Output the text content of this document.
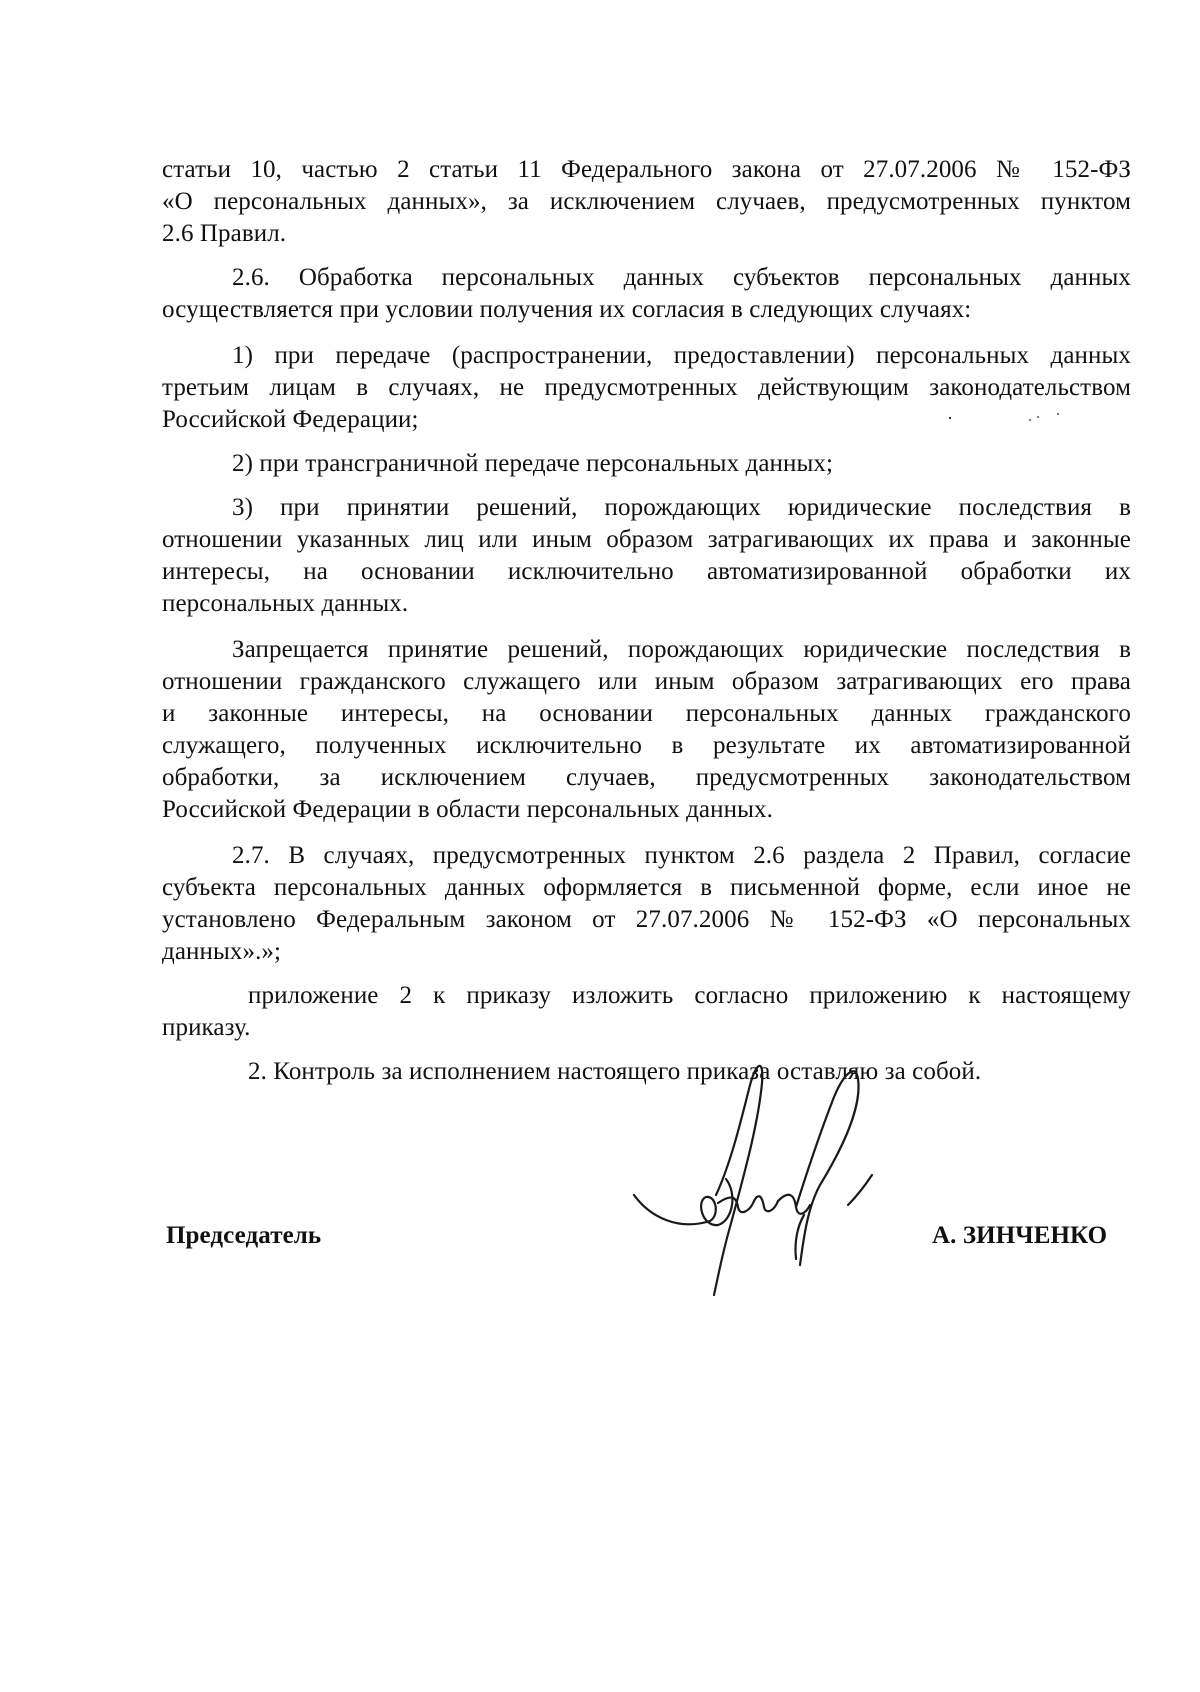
статьи 10, частью 2 статьи 11 Федерального закона от 27.07.2006 № 152-ФЗ
«О персональных данных», за исключением случаев, предусмотренных пунктом
2.6 Правил.
2.6. Обработка персональных данных субъектов персональных данных
осуществляется при условии получения их согласия в следующих случаях:
1) при передаче (распространении, предоставлении) персональных данных
третьим лицам в случаях, не предусмотренных действующим законодательством
Российской Федерации;
2) при трансграничной передаче персональных данных;
3) при принятии решений, порождающих юридические последствия в
отношении указанных лиц или иным образом затрагивающих их права и законные
интересы, на основании исключительно автоматизированной обработки их
персональных данных.
Запрещается принятие решений, порождающих юридические последствия в
отношении гражданского служащего или иным образом затрагивающих его права
и законные интересы, на основании персональных данных гражданского
служащего, полученных исключительно в результате их автоматизированной
обработки, за исключением случаев, предусмотренных законодательством
Российской Федерации в области персональных данных.
2.7. В случаях, предусмотренных пунктом 2.6 раздела 2 Правил, согласие
субъекта персональных данных оформляется в письменной форме, если иное не
установлено Федеральным законом от 27.07.2006 № 152-ФЗ «О персональных
данных».»;
приложение 2 к приказу изложить согласно приложению к настоящему
приказу.
2. Контроль за исполнением настоящего приказа оставляю за собой.
Председатель	А. ЗИНЧЕНКО
